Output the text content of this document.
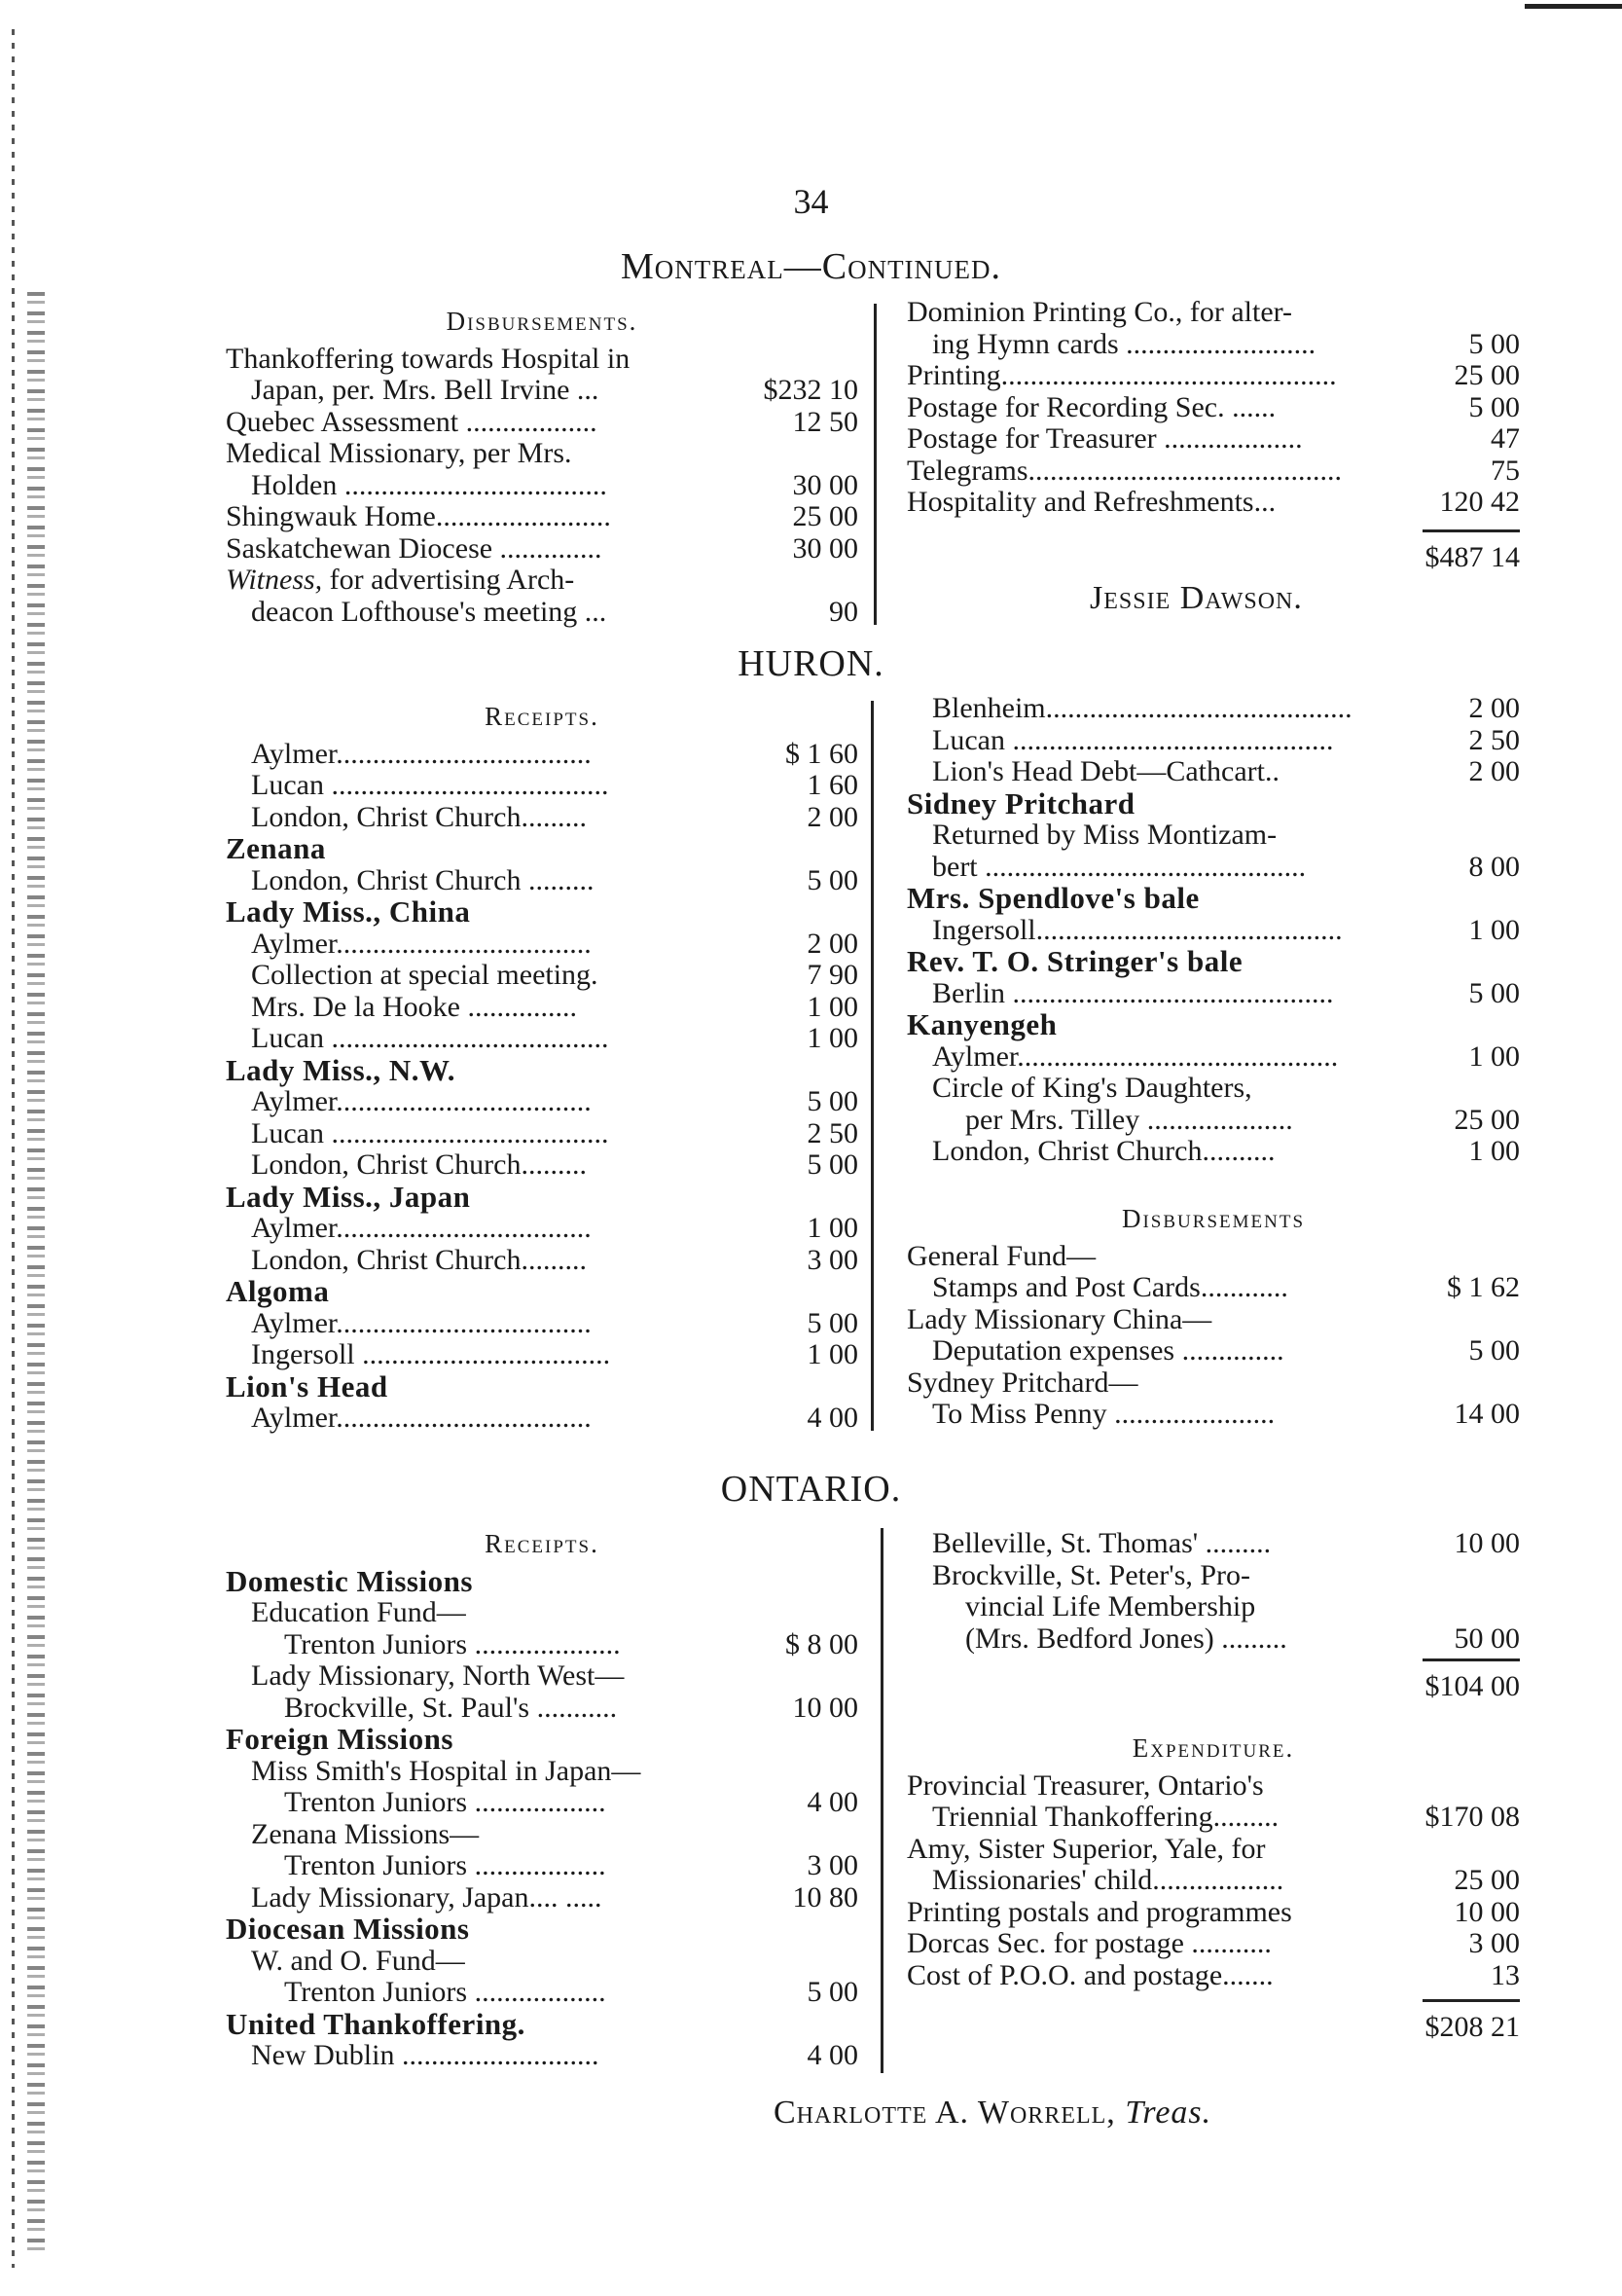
34
Montreal—Continued.
Disbursements.
Thankoffering towards Hospital in
Japan, per. Mrs. Bell Irvine ...	$232 10
Quebec Assessment ..................	12 50
Medical Missionary, per Mrs.
Holden ....................................	30 00
Shingwauk Home........................	25 00
Saskatchewan Diocese ..............	30 00
Witness, for advertising Arch-
deacon Lofthouse's meeting ...	90
Dominion Printing Co., for alter-
ing Hymn cards ..........................	5 00
Printing..............................................	25 00
Postage for Recording Sec. ......	5 00
Postage for Treasurer ...................	47
Telegrams...........................................	75
Hospitality and Refreshments...	120 42
$487 14
Jessie Dawson.
HURON.
Receipts.
Aylmer...................................	$ 1 60
Lucan ......................................	1 60
London, Christ Church.........	2 00
Zenana
London, Christ Church .........	5 00
Lady Miss., China
Aylmer...................................	2 00
Collection at special meeting.	7 90
Mrs. De la Hooke ...............	1 00
Lucan ......................................	1 00
Lady Miss., N.W.
Aylmer...................................	5 00
Lucan ......................................	2 50
London, Christ Church.........	5 00
Lady Miss., Japan
Aylmer...................................	1 00
London, Christ Church.........	3 00
Algoma
Aylmer...................................	5 00
Ingersoll ..................................	1 00
Lion's Head
Aylmer...................................	4 00
Blenheim..........................................	2 00
Lucan ............................................	2 50
Lion's Head Debt—Cathcart..	2 00
Sidney Pritchard
Returned by Miss Montizam-
bert ............................................	8 00
Mrs. Spendlove's bale
Ingersoll..........................................	1 00
Rev. T. O. Stringer's bale
Berlin ............................................	5 00
Kanyengeh
Aylmer............................................	1 00
Circle of King's Daughters,
per Mrs. Tilley ....................	25 00
London, Christ Church..........	1 00
Disbursements
General Fund—
Stamps and Post Cards............	$ 1 62
Lady Missionary China—
Deputation expenses ..............	5 00
Sydney Pritchard—
To Miss Penny ......................	14 00
ONTARIO.
Receipts.
Domestic Missions
Education Fund—
Trenton Juniors ....................	$ 8 00
Lady Missionary, North West—
Brockville, St. Paul's ...........	10 00
Foreign Missions
Miss Smith's Hospital in Japan—
Trenton Juniors ..................	4 00
Zenana Missions—
Trenton Juniors ..................	3 00
Lady Missionary, Japan.... .....	10 80
Diocesan Missions
W. and O. Fund—
Trenton Juniors ..................	5 00
United Thankoffering.
New Dublin ...........................	4 00
Belleville, St. Thomas' .........	10 00
Brockville, St. Peter's, Pro-
vincial Life Membership
(Mrs. Bedford Jones) .........	50 00
$104 00
Expenditure.
Provincial Treasurer, Ontario's
Triennial Thankoffering.........	$170 08
Amy, Sister Superior, Yale, for
Missionaries' child..................	25 00
Printing postals and programmes	10 00
Dorcas Sec. for postage ...........	3 00
Cost of P.O.O. and postage.......	13
$208 21
Charlotte A. Worrell, Treas.
